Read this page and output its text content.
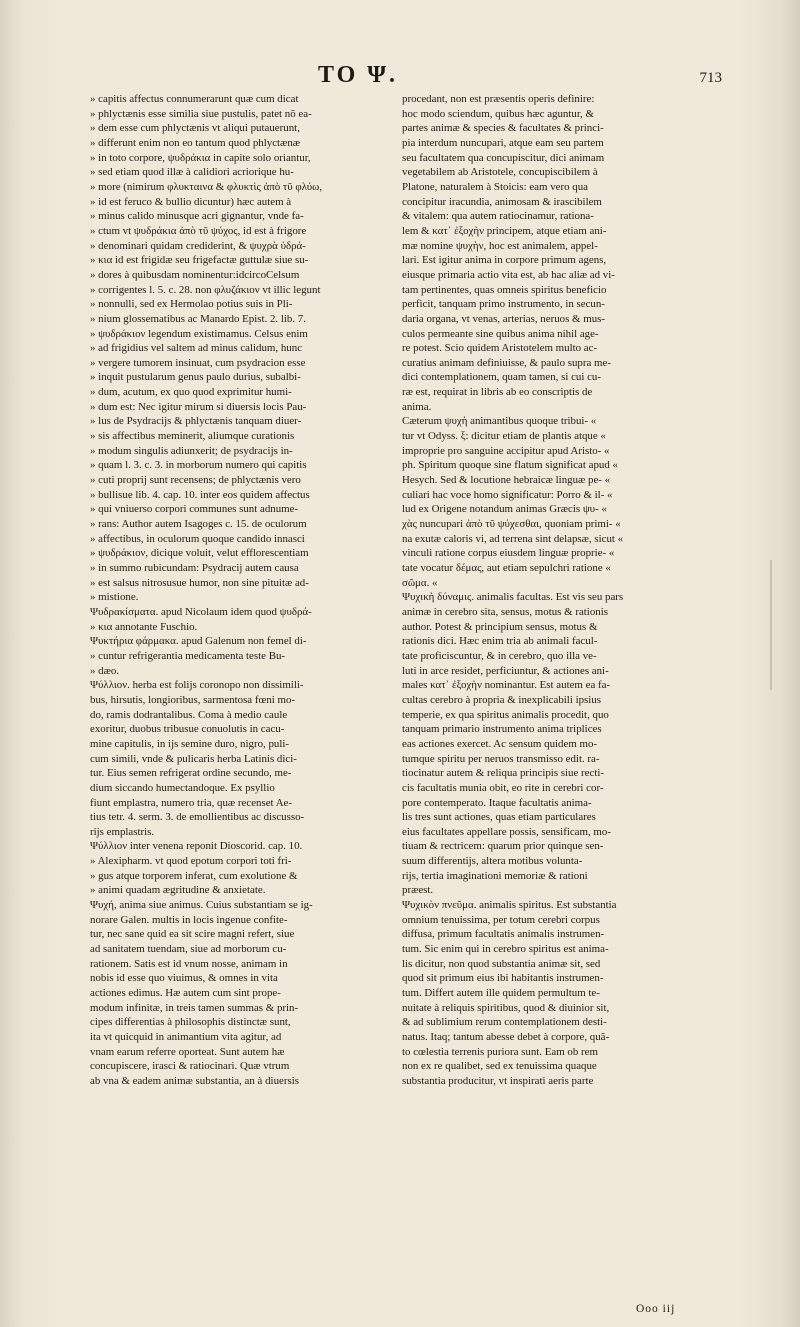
TO Ψ.	713

» capitis affectus connumerarunt quæ cum dicat

» phlyctænis esse similia siue pustulis, patet nõ ea-

» dem esse cum phlyctænis vt aliqui putauerunt,

» differunt enim non eo tantum quod phlyctænæ

» in toto corpore, ψυδράκια in capite solo oriantur,

» sed etiam quod illæ à calidiori acriorique hu-

» more (nimirum φλυκταινα & φλυκτὶς ἀπὸ τῦ φλύω,

» id est feruco & bullio dicuntur) hæc autem à

» minus calido minusque acri gignantur, vnde fa-

» ctum vt ψυδράκια ἀπὸ τῦ ψύχος, id est à frigore

» denominari quidam crediderint, & ψυχρὰ ὑδρά-

» κια id est frigidæ seu frigefactæ guttulæ siue su-

» dores à quibusdam nominentur:idcircoCelsum

» corrigentes l. 5. c. 28. non φλυζάκιον vt illic legunt

» nonnulli, sed ex Hermolao potius suis in Pli-

» nium glossematibus ac Manardo Epist. 2. lib. 7.

» ψυδράκιον legendum existimamus. Celsus enim

» ad frigidius vel saltem ad minus calidum, hunc

» vergere tumorem insinuat, cum psydracion esse

» inquit pustularum genus paulo durius, subalbi-

» dum, acutum, ex quo quod exprimitur humi-

» dum est: Nec igitur mirum si diuersis locis Pau-

» lus de Psydracijs & phlyctænis tanquam diuer-

» sis affectibus meminerit, aliumque curationis

» modum singulis adiunxerit; de psydracijs in-

» quam l. 3. c. 3. in morborum numero qui capitis

» cuti proprij sunt recensens; de phlyctænis vero

» bullisue lib. 4. cap. 10. inter eos quidem affectus

» qui vniuerso corpori communes sunt adnume-

» rans: Author autem Isagoges c. 15. de oculorum

» affectibus, in oculorum quoque candido innasci

» ψυδράκιον, dicique voluit, velut efflorescentiam

» in summo rubicundam: Psydracij autem causa

» est salsus nitrosusue humor, non sine pituitæ ad-

» mistione.

Ψυδρακίσματα. apud Nicolaum idem quod ψυδρά-

» κια annotante Fuschio.

Ψυκτήρια φάρμακα. apud Galenum non femel di-

» cuntur refrigerantia medicamenta teste Bu-

» dæo.

Ψύλλιον. herba est folijs coronopo non dissimili-

bus, hirsutis, longioribus, sarmentosa fœni mo-

do, ramis dodrantalibus. Coma à medio caule

exoritur, duobus tribusue conuolutis in cacu-

mine capitulis, in ijs semine duro, nigro, puli-

cum simili, vnde & pulicaris herba Latinis dici-

tur. Eius semen refrigerat ordine secundo, me-

dium siccando humectandoque. Ex psyllio

fiunt emplastra, numero tria, quæ recenset Ae-

tius tetr. 4. serm. 3. de emollientibus ac discusso-

rijs emplastris.

Ψύλλιον inter venena reponit Dioscorid. cap. 10.

» Alexipharm. vt quod epotum corpori toti fri-

» gus atque torporem inferat, cum exolutione &

» animi quadam ægritudine & anxietate.

Ψυχή, anima siue animus. Cuius substantiam se ig-

norare Galen. multis in locis ingenue confite-

tur, nec sane quid ea sit scire magni refert, siue

ad sanitatem tuendam, siue ad morborum cu-

rationem. Satis est id vnum nosse, animam in

nobis id esse quo viuimus, & omnes in vita

actiones edimus. Hæ autem cum sint prope-

modum infinitæ, in treis tamen summas & prin-

cipes differentias à philosophis distinctæ sunt,

ita vt quicquid in animantium vita agitur, ad

vnam earum referre oporteat. Sunt autem hæ

concupiscere, irasci & ratiocinari. Quæ vtrum

ab vna & eadem animæ substantia, an à diuersis

procedant, non est præsentis operis definire:

hoc modo sciendum, quibus hæc aguntur, &

partes animæ & species & facultates & princi-

pia interdum nuncupari, atque eam seu partem

seu facultatem qua concupiscitur, dici animam

vegetabilem ab Aristotele, concupiscibilem à

Platone, naturalem à Stoicis: eam vero qua

concipitur iracundia, animosam & irascibilem

& vitalem: qua autem ratiocinamur, rationa-

lem & κατ᾽ ἐξοχὴν principem, atque etiam ani-

mæ nomine ψυχὴν, hoc est animalem, appel-

lari. Est igitur anima in corpore primum agens,

eiusque primaria actio vita est, ab hac aliæ ad vi-

tam pertinentes, quas omneis spiritus beneficio

perficit, tanquam primo instrumento, in secun-

daria organa, vt venas, arterias, neruos & mus-

culos permeante sine quibus anima nihil age-

re potest. Scio quidem Aristotelem multo ac-

curatius animam definiuisse, & paulo supra me-

dici contemplationem, quam tamen, si cui cu-

ræ est, requirat in libris ab eo conscriptis de

anima.

Cæterum ψυχὴ animantibus quoque tribui- «

tur vt Odyss. ξ: dicitur etiam de plantis atque «

improprie pro sanguine accipitur apud Aristo- «

ph. Spiritum quoque sine flatum significat apud «

Hesych. Sed & locutione hebraicæ linguæ pe- «

culiari hac voce homo significatur: Porro & il- «

lud ex Origene notandum animas Græcis ψυ- «

χὰς nuncupari ἀπὸ τῦ ψύχεσθαι, quoniam primi- «

na exutæ caloris vi, ad terrena sint delapsæ, sicut «

vinculi ratione corpus eiusdem linguæ proprie- «

tate vocatur δέμας, aut etiam sepulchri ratione «

σῶμα. «

Ψυχικὴ δύναμις. animalis facultas. Est vis seu pars

animæ in cerebro sita, sensus, motus & rationis

author. Potest & principium sensus, motus &

rationis dici. Hæc enim tria ab animali facul-

tate proficiscuntur, & in cerebro, quo illa ve-

luti in arce residet, perficiuntur, & actiones ani-

males κατ᾽ ἐξοχὴν nominantur. Est autem ea fa-

cultas cerebro à propria & inexplicabili ipsius

temperie, ex qua spiritus animalis procedit, quo

tanquam primario instrumento anima triplices

eas actiones exercet. Ac sensum quidem mo-

tumque spiritu per neruos transmisso edit. ra-

tiocinatur autem & reliqua principis siue recti-

cis facultatis munia obit, eo rite in cerebri cor-

pore contemperato. Itaque facultatis anima-

lis tres sunt actiones, quas etiam particulares

eius facultates appellare possis, sensificam, mo-

tiuam & rectricem: quarum prior quinque sen-

suum differentijs, altera motibus volunta-

rijs, tertia imaginationi memoriæ & rationi

præest.

Ψυχικὸν πνεῦμα. animalis spiritus. Est substantia

omnium tenuissima, per totum cerebri corpus

diffusa, primum facultatis animalis instrumen-

tum. Sic enim qui in cerebro spiritus est anima-

lis dicitur, non quod substantia animæ sit, sed

quod sit primum eius ibi habitantis instrumen-

tum. Differt autem ille quidem permultum te-

nuitate à reliquis spiritibus, quod & diuinior sit,

& ad sublimium rerum contemplationem desti-

natus. Itaq; tantum abesse debet à corpore, quã-

to cœlestia terrenis puriora sunt. Eam ob rem

non ex re qualibet, sed ex tenuissima quaque

substantia producitur, vt inspirati aeris parte

Ooo iij
